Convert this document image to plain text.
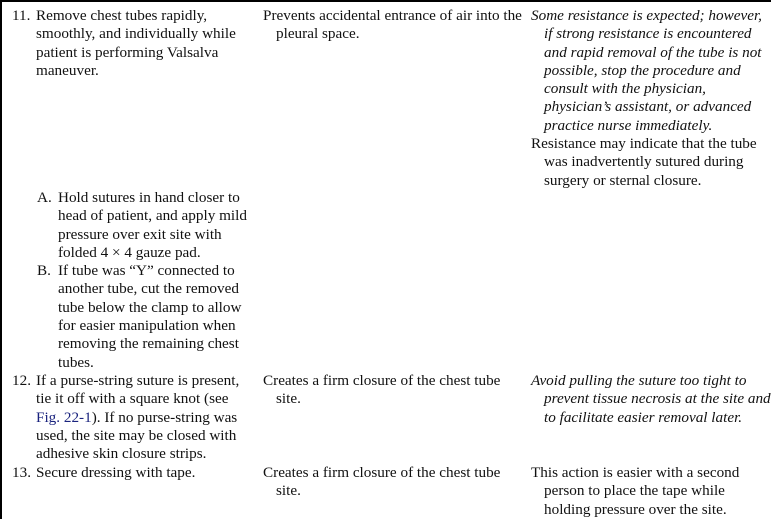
11. Remove chest tubes rapidly, smoothly, and individually while patient is performing Valsalva maneuver.
Prevents accidental entrance of air into the pleural space.
Some resistance is expected; however, if strong resistance is encountered and rapid removal of the tube is not possible, stop the procedure and consult with the physician, physician’s assistant, or advanced practice nurse immediately.
Resistance may indicate that the tube was inadvertently sutured during surgery or sternal closure.
A. Hold sutures in hand closer to head of patient, and apply mild pressure over exit site with folded 4 × 4 gauze pad.
B. If tube was “Y” connected to another tube, cut the removed tube below the clamp to allow for easier manipulation when removing the remaining chest tubes.
12. If a purse-string suture is present, tie it off with a square knot (see Fig. 22-1). If no purse-string was used, the site may be closed with adhesive skin closure strips.
Creates a firm closure of the chest tube site.
Avoid pulling the suture too tight to prevent tissue necrosis at the site and to facilitate easier removal later.
13. Secure dressing with tape.	Creates a firm closure of the chest tube site.
This action is easier with a second person to place the tape while holding pressure over the site.
